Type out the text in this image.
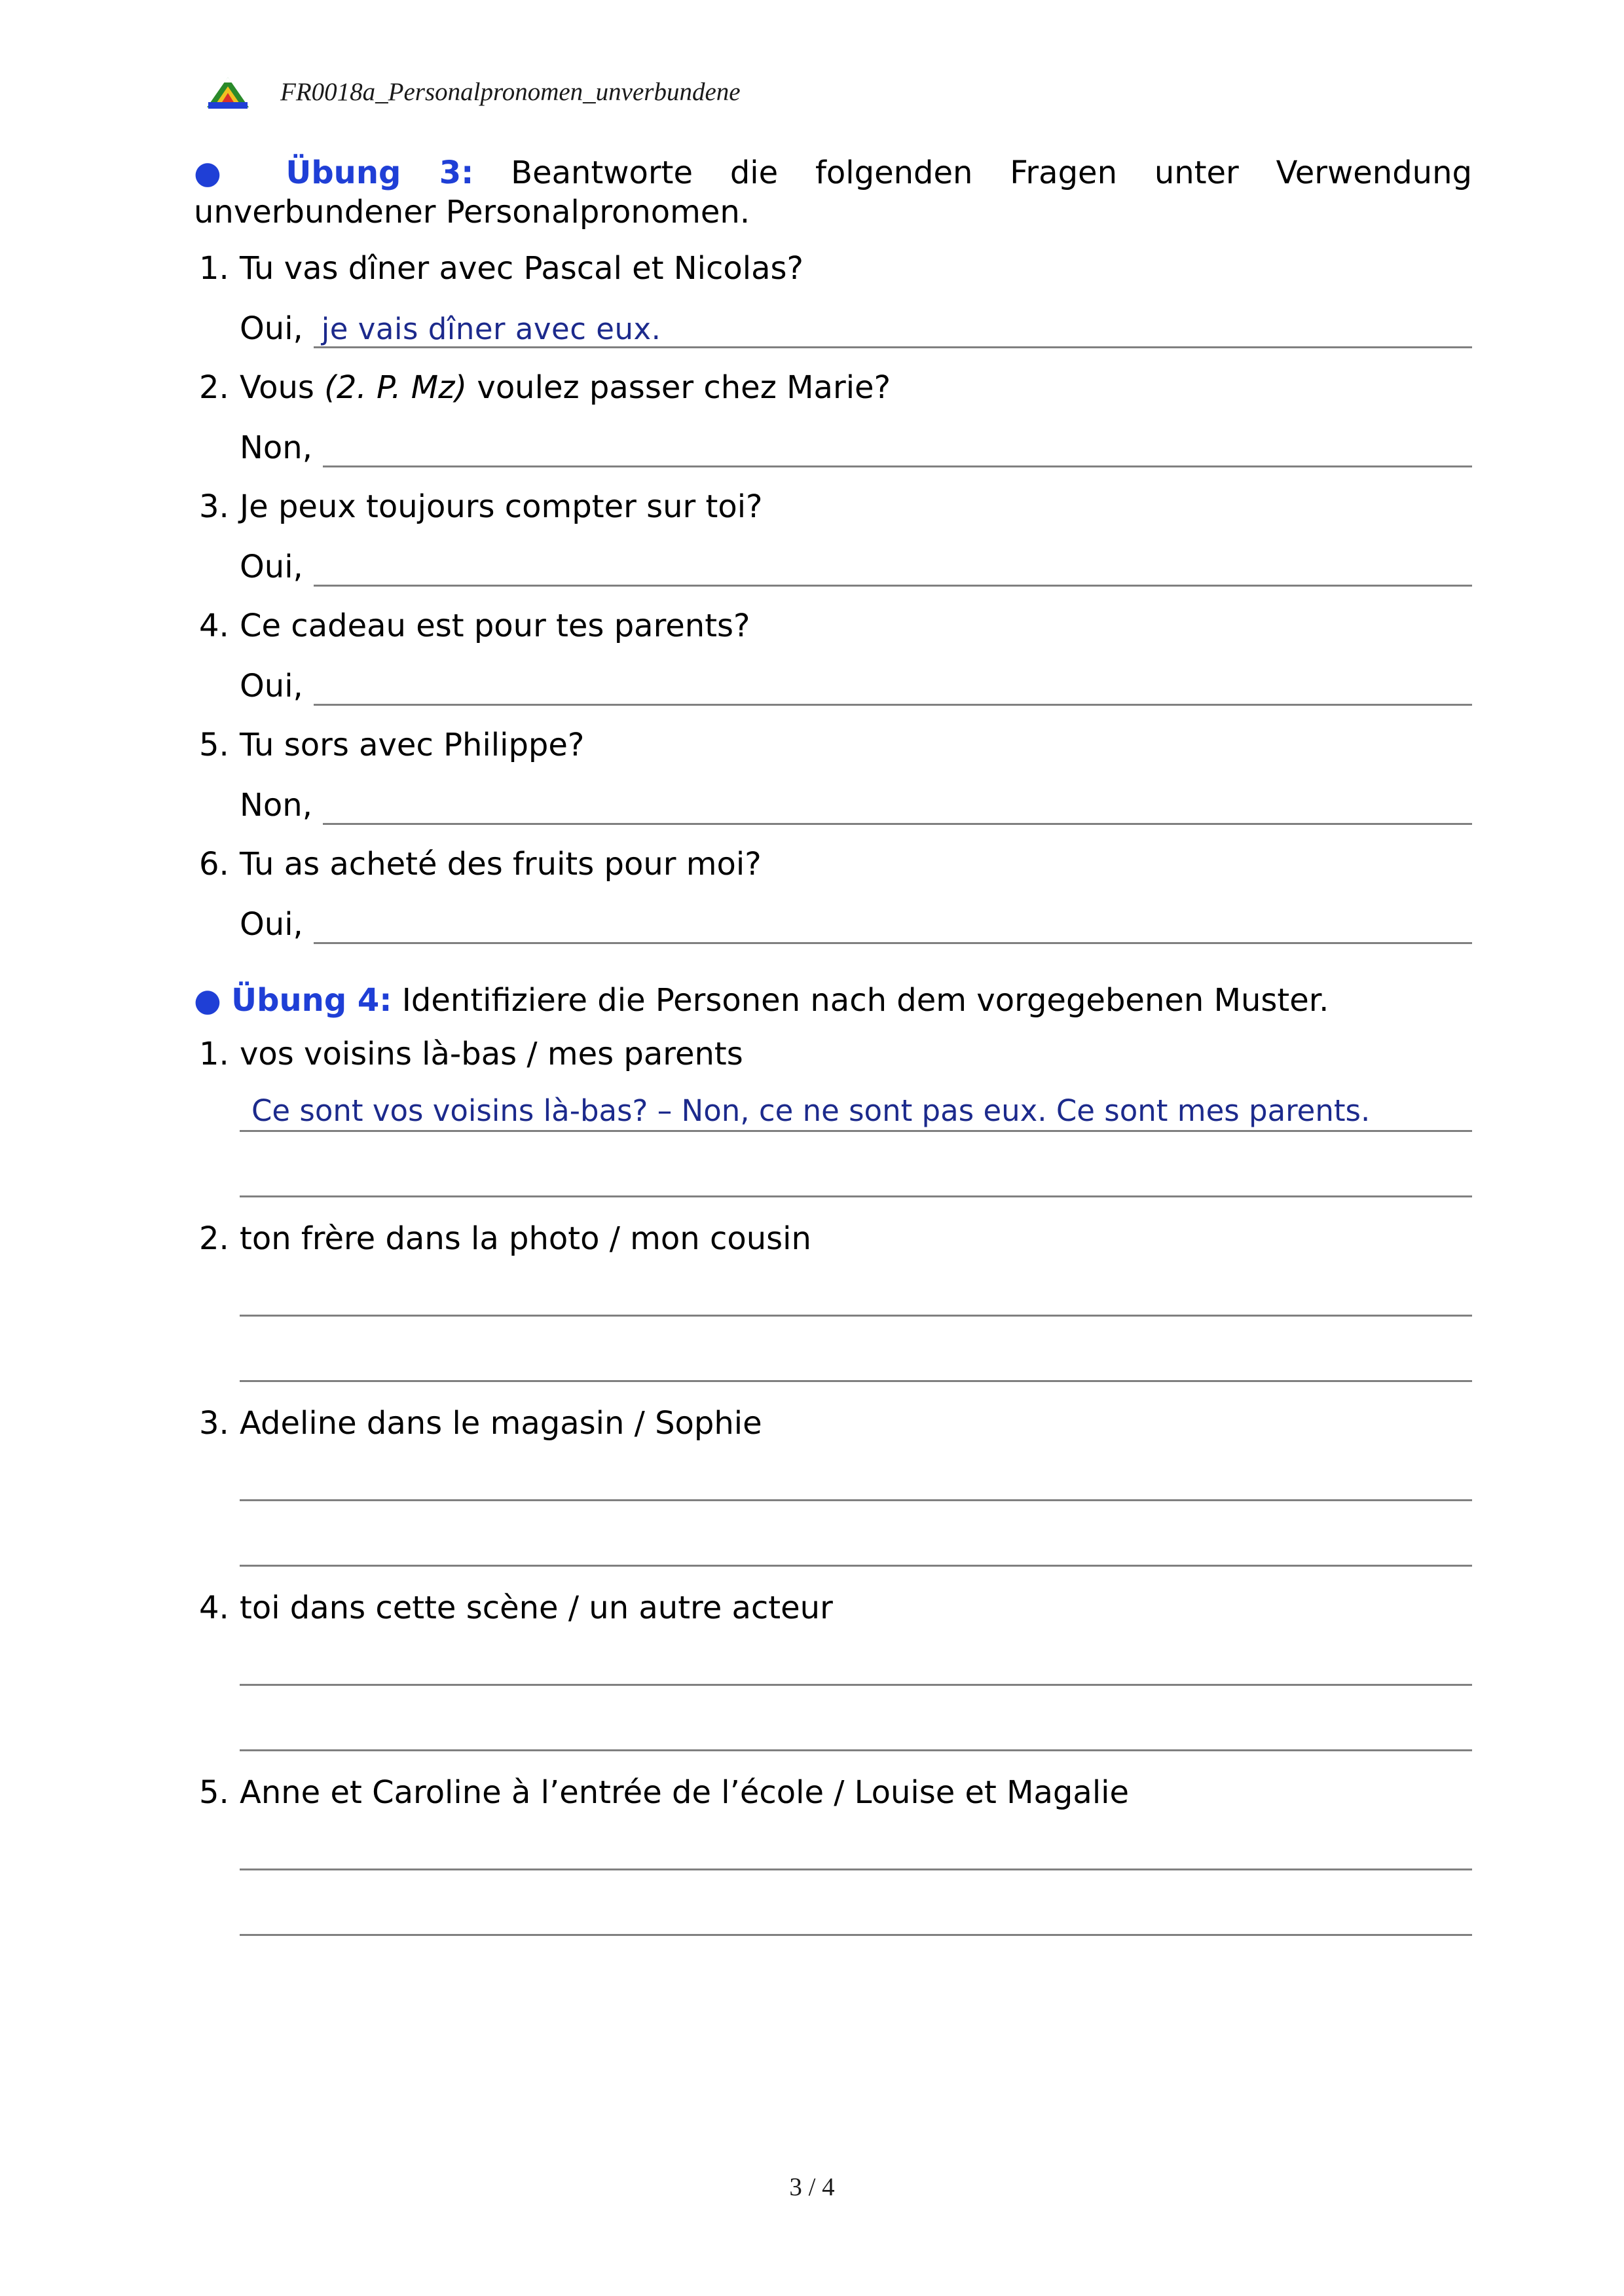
FR0018a_Personalpronomen_unverbundene
● Übung 3: Beantworte die folgenden Fragen unter Verwendung unverbundener Personalpronomen.
1. Tu vas dîner avec Pascal et Nicolas?
Oui, je vais dîner avec eux.
2. Vous (2. P. Mz) voulez passer chez Marie?
Non,
3. Je peux toujours compter sur toi?
Oui,
4. Ce cadeau est pour tes parents?
Oui,
5. Tu sors avec Philippe?
Non,
6. Tu as acheté des fruits pour moi?
Oui,
● Übung 4: Identifiziere die Personen nach dem vorgegebenen Muster.
1. vos voisins là-bas / mes parents
Ce sont vos voisins là-bas? – Non, ce ne sont pas eux. Ce sont mes parents.
2. ton frère dans la photo / mon cousin
3. Adeline dans le magasin / Sophie
4. toi dans cette scène / un autre acteur
5. Anne et Caroline à l’entrée de l’école / Louise et Magalie
3 / 4
